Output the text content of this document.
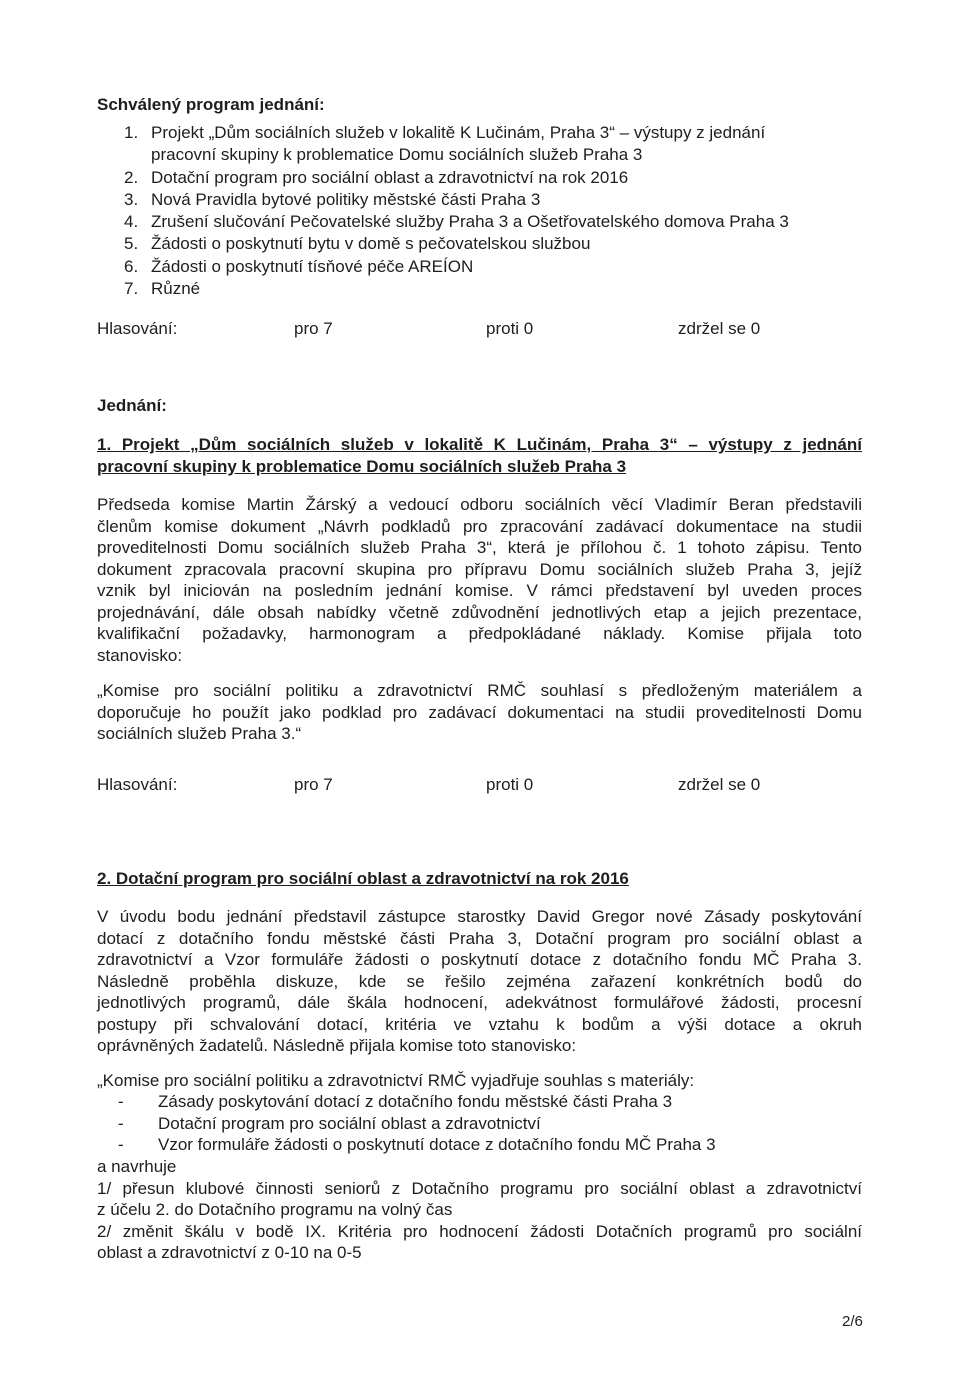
Schválený program jednání:
1. Projekt „Dům sociálních služeb v lokalitě K Lučinám, Praha 3“ – výstupy z jednání
pracovní skupiny k problematice Domu sociálních služeb Praha 3
2. Dotační program pro sociální oblast a zdravotnictví na rok 2016
3. Nová Pravidla bytové politiky městské části Praha 3
4. Zrušení slučování Pečovatelské služby Praha 3 a Ošetřovatelského domova Praha 3
5. Žádosti o poskytnutí bytu v domě s pečovatelskou službou
6. Žádosti o poskytnutí tísňové péče AREÍON
7. Různé
Hlasování:	pro 7	proti 0	zdržel se 0
Jednání:
1. Projekt „Dům sociálních služeb v lokalitě K Lučinám, Praha 3“ – výstupy z jednání
pracovní skupiny k problematice Domu sociálních služeb Praha 3
Předseda komise Martin Žárský a vedoucí odboru sociálních věcí Vladimír Beran představili
členům komise dokument „Návrh podkladů pro zpracování zadávací dokumentace na studii
proveditelnosti Domu sociálních služeb Praha 3“, která je přílohou č. 1 tohoto zápisu. Tento
dokument zpracovala pracovní skupina pro přípravu Domu sociálních služeb Praha 3, jejíž
vznik byl iniciován na posledním jednání komise. V rámci představení byl uveden proces
projednávání, dále obsah nabídky včetně zdůvodnění jednotlivých etap a jejich prezentace,
kvalifikační požadavky, harmonogram a předpokládané náklady. Komise přijala toto
stanovisko:
„Komise pro sociální politiku a zdravotnictví RMČ souhlasí s předloženým materiálem a
doporučuje ho použít jako podklad pro zadávací dokumentaci na studii proveditelnosti Domu
sociálních služeb Praha 3.“
Hlasování:	pro 7	proti 0	zdržel se 0
2. Dotační program pro sociální oblast a zdravotnictví na rok 2016
V úvodu bodu jednání představil zástupce starostky David Gregor nové Zásady poskytování
dotací z dotačního fondu městské části Praha 3, Dotační program pro sociální oblast a
zdravotnictví a Vzor formuláře žádosti o poskytnutí dotace z dotačního fondu MČ Praha 3.
Následně proběhla diskuze, kde se řešilo zejména zařazení konkrétních bodů do
jednotlivých programů, dále škála hodnocení, adekvátnost formulářové žádosti, procesní
postupy při schvalování dotací, kritéria ve vztahu k bodům a výši dotace a okruh
oprávněných žadatelů. Následně přijala komise toto stanovisko:
„Komise pro sociální politiku a zdravotnictví RMČ vyjadřuje souhlas s materiály:
- Zásady poskytování dotací z dotačního fondu městské části Praha 3
- Dotační program pro sociální oblast a zdravotnictví
- Vzor formuláře žádosti o poskytnutí dotace z dotačního fondu MČ Praha 3
a navrhuje
1/ přesun klubové činnosti seniorů z Dotačního programu pro sociální oblast a zdravotnictví
z účelu 2. do Dotačního programu na volný čas
2/ změnit škálu v bodě IX. Kritéria pro hodnocení žádosti Dotačních programů pro sociální
oblast a zdravotnictví z 0-10 na 0-5
2/6
